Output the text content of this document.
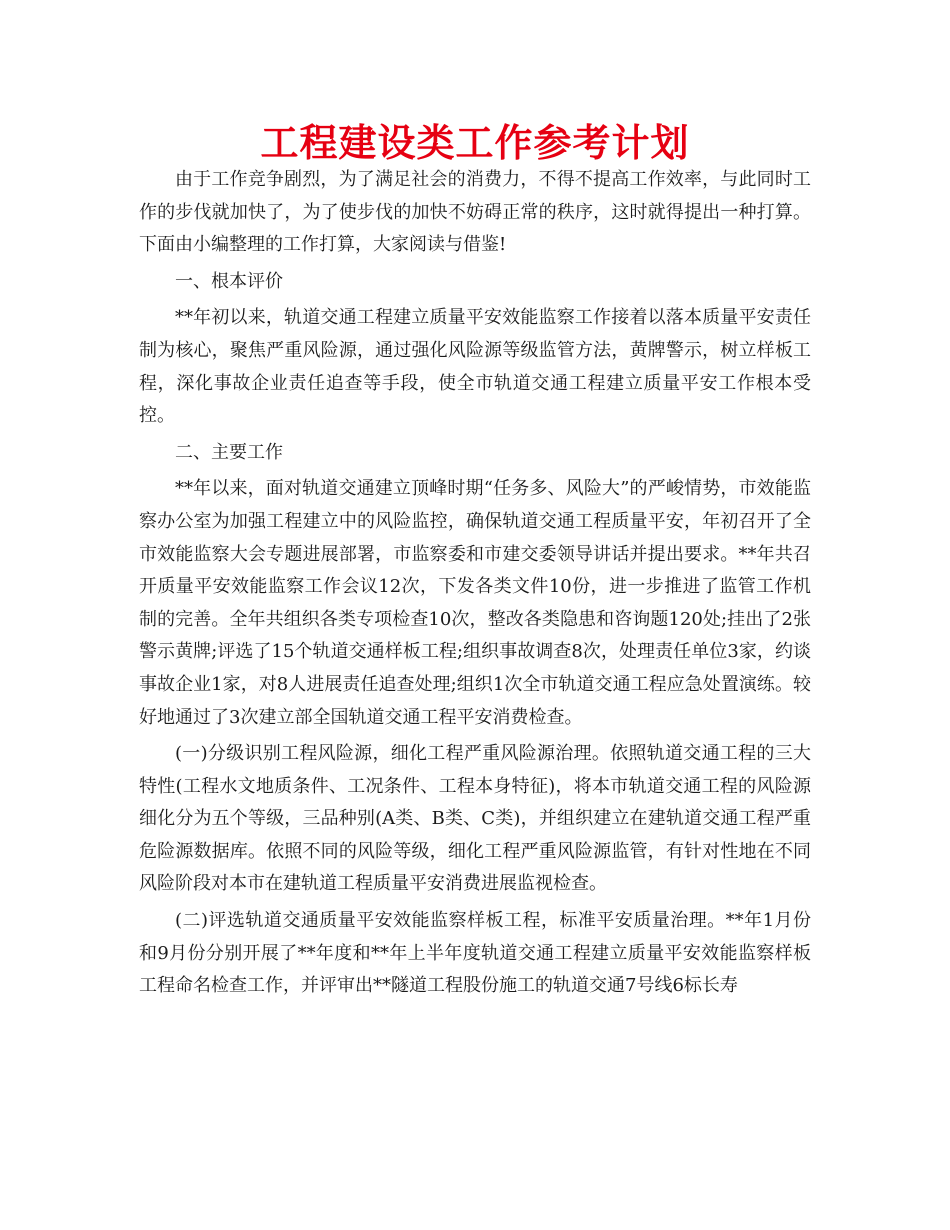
工程建设类工作参考计划

由于工作竞争剧烈，为了满足社会的消费力，不得不提高工作效率，与此同时工作的步伐就加快了，为了使步伐的加快不妨碍正常的秩序，这时就得提出一种打算。下面由小编整理的工作打算，大家阅读与借鉴!

一、根本评价

**年初以来，轨道交通工程建立质量平安效能监察工作接着以落本质量平安责任制为核心，聚焦严重风险源，通过强化风险源等级监管方法，黄牌警示，树立样板工程，深化事故企业责任追查等手段，使全市轨道交通工程建立质量平安工作根本受控。

二、主要工作

**年以来，面对轨道交通建立顶峰时期“任务多、风险大”的严峻情势，市效能监察办公室为加强工程建立中的风险监控，确保轨道交通工程质量平安，年初召开了全市效能监察大会专题进展部署，市监察委和市建交委领导讲话并提出要求。**年共召开质量平安效能监察工作会议12次，下发各类文件10份，进一步推进了监管工作机制的完善。全年共组织各类专项检查10次，整改各类隐患和咨询题120处;挂出了2张警示黄牌;评选了15个轨道交通样板工程;组织事故调查8次，处理责任单位3家，约谈事故企业1家，对8人进展责任追查处理;组织1次全市轨道交通工程应急处置演练。较好地通过了3次建立部全国轨道交通工程平安消费检查。

(一)分级识别工程风险源，细化工程严重风险源治理。依照轨道交通工程的三大特性(工程水文地质条件、工况条件、工程本身特征)，将本市轨道交通工程的风险源细化分为五个等级，三品种别(A类、B类、C类)，并组织建立在建轨道交通工程严重危险源数据库。依照不同的风险等级，细化工程严重风险源监管，有针对性地在不同风险阶段对本市在建轨道工程质量平安消费进展监视检查。

(二)评选轨道交通质量平安效能监察样板工程，标准平安质量治理。**年1月份和9月份分别开展了**年度和**年上半年度轨道交通工程建立质量平安效能监察样板工程命名检查工作，并评审出**隧道工程股份施工的轨道交通7号线6标长寿
